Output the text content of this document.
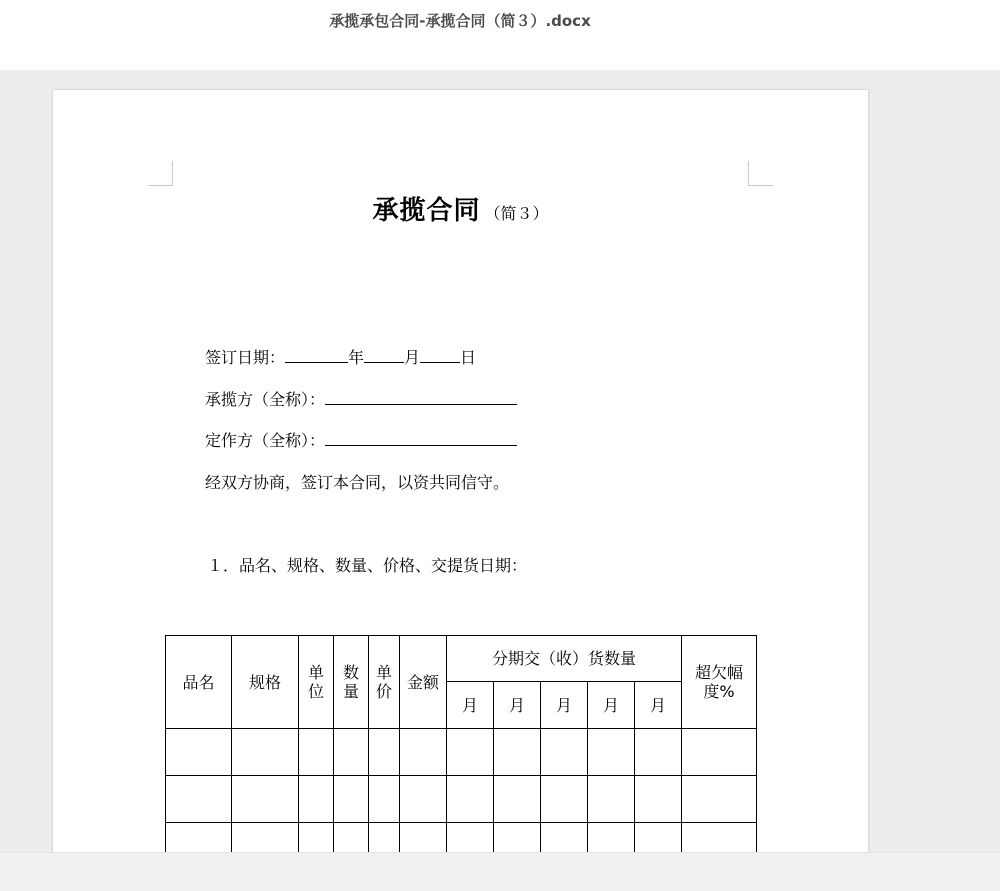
承揽承包合同-承揽合同（简３）.docx
承揽合同 （简３）
签订日期：	年	月	日
承揽方（全称）：
定作方（全称）：
经双方协商，签订本合同，以资共同信守。
１．品名、规格、数量、价格、交提货日期：
品名	规格	单位	数量	单价	金额	分期交（收）货数量					超欠幅度%
						月	月	月	月	月	
